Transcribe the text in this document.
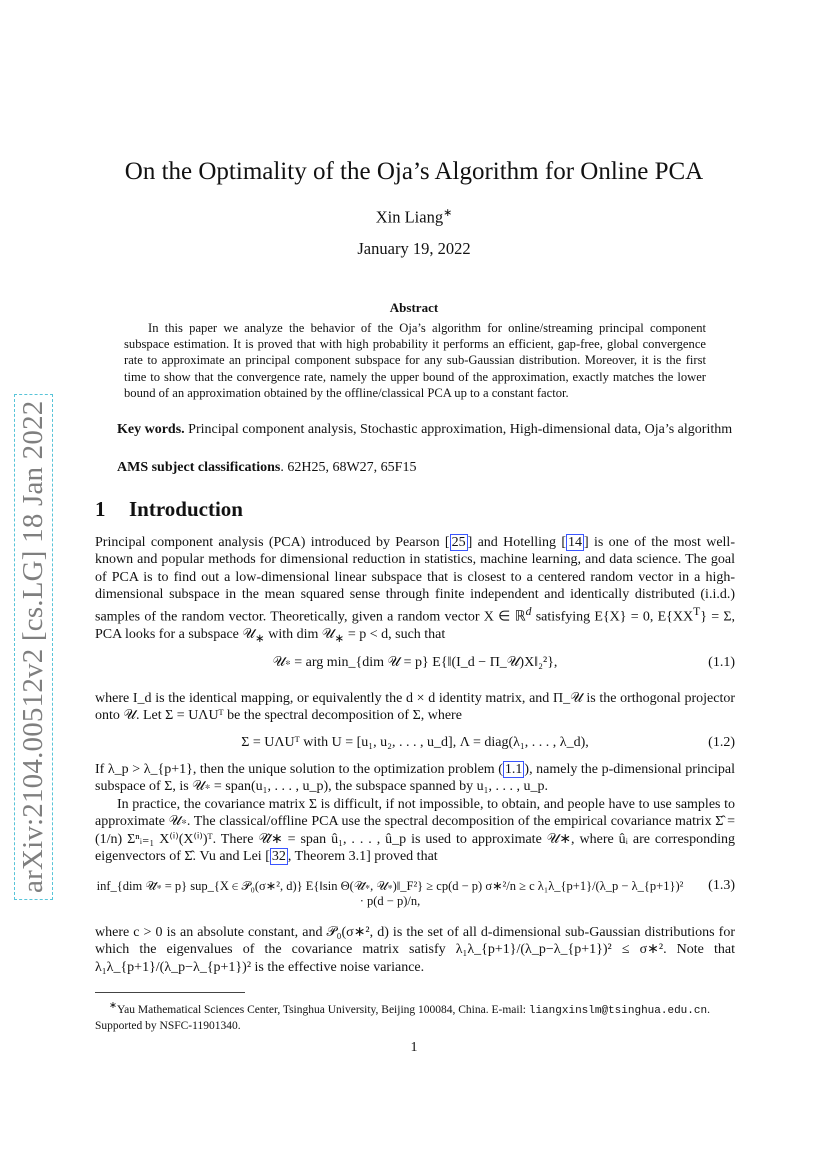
arXiv:2104.00512v2 [cs.LG] 18 Jan 2022
On the Optimality of the Oja’s Algorithm for Online PCA
Xin Liang∗
January 19, 2022
Abstract
In this paper we analyze the behavior of the Oja’s algorithm for online/streaming principal component subspace estimation. It is proved that with high probability it performs an efficient, gap-free, global convergence rate to approximate an principal component subspace for any sub-Gaussian distribution. Moreover, it is the first time to show that the convergence rate, namely the upper bound of the approximation, exactly matches the lower bound of an approximation obtained by the offline/classical PCA up to a constant factor.
Key words. Principal component analysis, Stochastic approximation, High-dimensional data, Oja’s algorithm
AMS subject classifications. 62H25, 68W27, 65F15
1 Introduction
Principal component analysis (PCA) introduced by Pearson [ 25 ] and Hotelling [ 14 ] is one of the most well-known and popular methods for dimensional reduction in statistics, machine learning, and data science. The goal of PCA is to find out a low-dimensional linear subspace that is closest to a centered random vector in a high-dimensional subspace in the mean squared sense through finite independent and identically distributed (i.i.d.) samples of the random vector. Theoretically, given a random vector X ∈ ℝ$^d$ satisfying E{X} = 0, $E\{XX^T\} = \Sigma$, PCA looks for a subspace 𝒰$_∗$ with dim 𝒰$_∗$ = p < d, such that
𝒰∗ = arg min_{dim 𝒰 = p} E{‖(I_d − Π_𝒰)X‖₂²},	(1.1)
where I_d is the identical mapping, or equivalently the d × d identity matrix, and Π_𝒰 is the orthogonal projector onto 𝒰. Let Σ = UΛUᵀ be the spectral decomposition of Σ, where
Σ = UΛUᵀ with U = [u₁, u₂, . . . , u_d], Λ = diag(λ₁, . . . , λ_d),	(1.2)
If λ_p > λ_{p+1}, then the unique solution to the optimization problem ( 1.1 ), namely the p-dimensional principal subspace of Σ, is 𝒰∗ = span(u₁, . . . , u_p), the subspace spanned by u₁, . . . , u_p.
In practice, the covariance matrix Σ is difficult, if not impossible, to obtain, and people have to use samples to approximate 𝒰∗. The classical/offline PCA use the spectral decomposition of the empirical covariance matrix Σ̂ = (1/n) Σⁿᵢ₌₁ X⁽ⁱ⁾(X⁽ⁱ⁾)ᵀ. There 𝒰̂∗ = span û₁, . . . , û_p is used to approximate 𝒰∗, where ûᵢ are corresponding eigenvectors of Σ̂. Vu and Lei [ 32 , Theorem 3.1] proved that
inf_{dim 𝒰̃∗ = p} sup_{X ∈ 𝒫₀(σ∗², d)} E{‖sin Θ(𝒰̃∗, 𝒰∗)‖_F²} ≥ cp(d − p) σ∗²/n ≥ c λ₁λ_{p+1}/(λ_p − λ_{p+1})² · p(d − p)/n,
(1.3)
where c > 0 is an absolute constant, and 𝒫₀(σ∗², d) is the set of all d-dimensional sub-Gaussian distributions for which the eigenvalues of the covariance matrix satisfy λ₁λ_{p+1}/(λ_p−λ_{p+1})² ≤ σ∗². Note that λ₁λ_{p+1}/(λ_p−λ_{p+1})² is the effective noise variance.
∗Yau Mathematical Sciences Center, Tsinghua University, Beijing 100084, China. E-mail: liangxinslm@tsinghua.edu.cn. Supported by NSFC-11901340.
1
